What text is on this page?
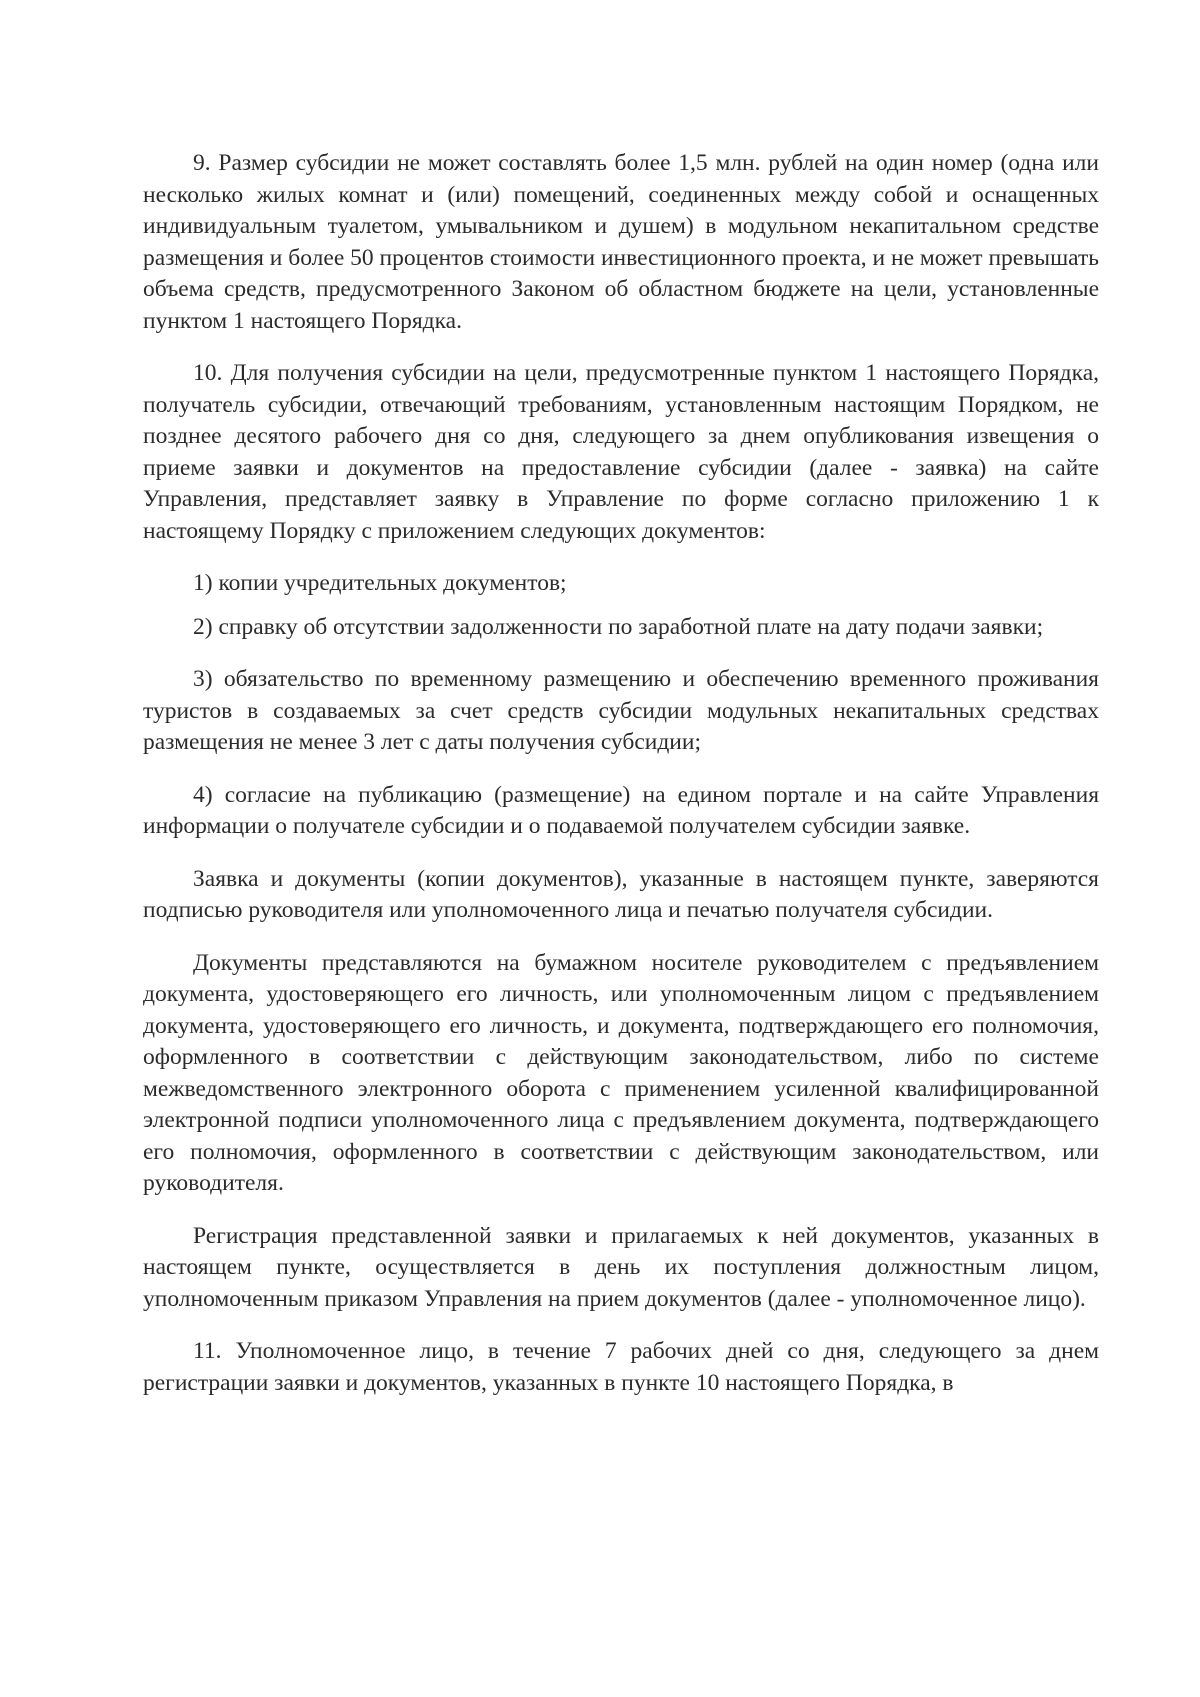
9. Размер субсидии не может составлять более 1,5 млн. рублей на один номер (одна или несколько жилых комнат и (или) помещений, соединенных между собой и оснащенных индивидуальным туалетом, умывальником и душем) в модульном некапитальном средстве размещения и более 50 процентов стоимости инвестиционного проекта, и не может превышать объема средств, предусмотренного Законом об областном бюджете на цели, установленные пунктом 1 настоящего Порядка.

10. Для получения субсидии на цели, предусмотренные пунктом 1 настоящего Порядка, получатель субсидии, отвечающий требованиям, установленным настоящим Порядком, не позднее десятого рабочего дня со дня, следующего за днем опубликования извещения о приеме заявки и документов на предоставление субсидии (далее - заявка) на сайте Управления, представляет заявку в Управление по форме согласно приложению 1 к настоящему Порядку с приложением следующих документов:

1) копии учредительных документов;

2) справку об отсутствии задолженности по заработной плате на дату подачи заявки;

3) обязательство по временному размещению и обеспечению временного проживания туристов в создаваемых за счет средств субсидии модульных некапитальных средствах размещения не менее 3 лет с даты получения субсидии;

4) согласие на публикацию (размещение) на едином портале и на сайте Управления информации о получателе субсидии и о подаваемой получателем субсидии заявке.

Заявка и документы (копии документов), указанные в настоящем пункте, заверяются подписью руководителя или уполномоченного лица и печатью получателя субсидии.

Документы представляются на бумажном носителе руководителем с предъявлением документа, удостоверяющего его личность, или уполномоченным лицом с предъявлением документа, удостоверяющего его личность, и документа, подтверждающего его полномочия, оформленного в соответствии с действующим законодательством, либо по системе межведомственного электронного оборота с применением усиленной квалифицированной электронной подписи уполномоченного лица с предъявлением документа, подтверждающего его полномочия, оформленного в соответствии с действующим законодательством, или руководителя.

Регистрация представленной заявки и прилагаемых к ней документов, указанных в настоящем пункте, осуществляется в день их поступления должностным лицом, уполномоченным приказом Управления на прием документов (далее - уполномоченное лицо).

11. Уполномоченное лицо, в течение 7 рабочих дней со дня, следующего за днем регистрации заявки и документов, указанных в пункте 10 настоящего Порядка, в
